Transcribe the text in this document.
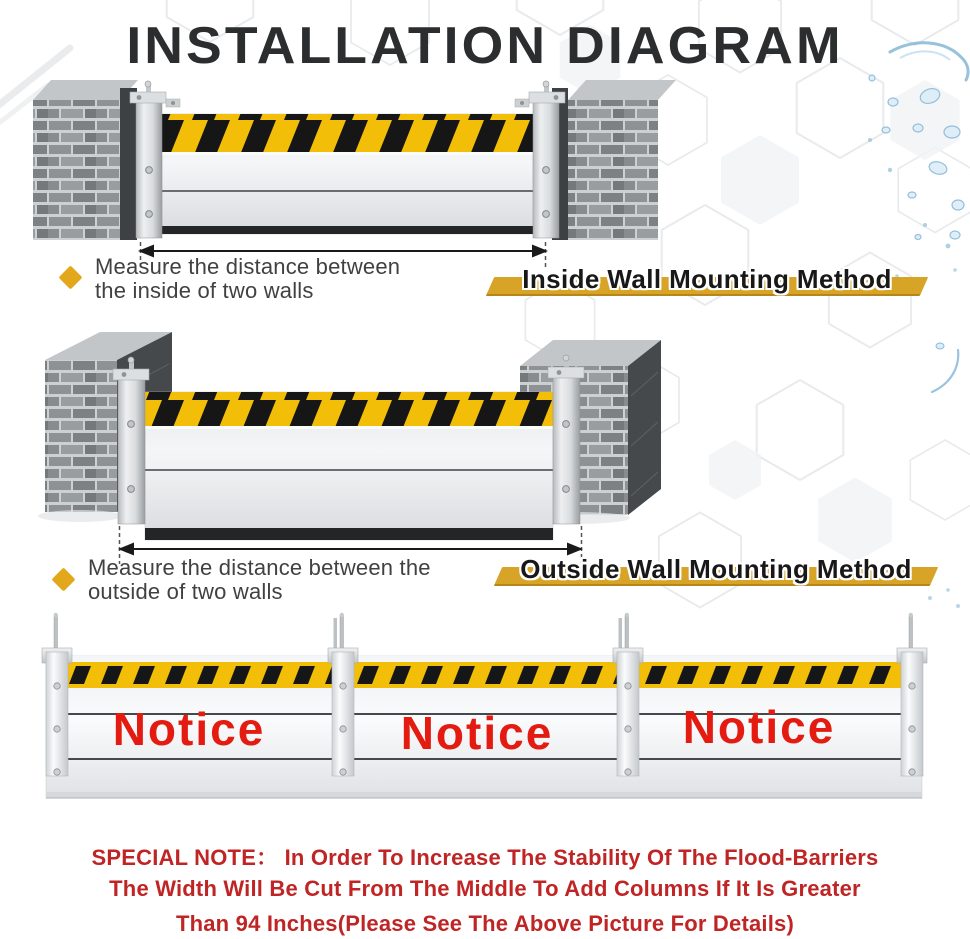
INSTALLATION DIAGRAM
Measure the distance between
the inside of two walls	Inside Wall Mounting Method
Measure the distance between the
outside of two walls
Outside Wall Mounting Method
Notice	Notice	Notice
SPECIAL NOTE： In Order To Increase The Stability Of The Flood-Barriers
The Width Will Be Cut From The Middle To Add Columns If It Is Greater
Than 94 Inches(Please See The Above Picture For Details)
